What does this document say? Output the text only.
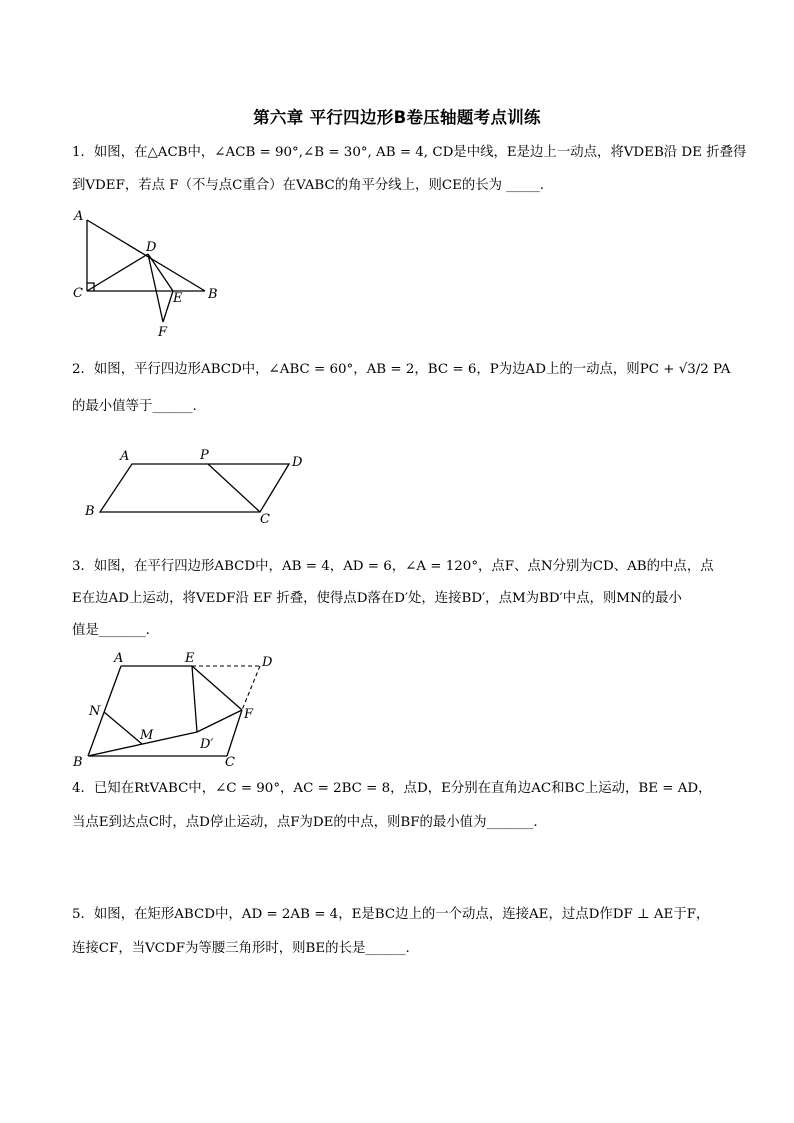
第六章 平行四边形B卷压轴题考点训练
1．如图，在△ACB中，∠ACB = 90°,∠B = 30°, AB = 4, CD是中线，E是边上一动点，将VDEB沿 DE 折叠得
到VDEF，若点 F（不与点C重合）在VABC的角平分线上，则CE的长为 _____.
A
D
C	E B
F
2．如图，平行四边形ABCD中，∠ABC = 60°，AB = 2，BC = 6，P为边AD上的一动点，则PC + √3/2 PA
的最小值等于______.
A	P	D
B
C
3．如图，在平行四边形ABCD中，AB = 4，AD = 6，∠A = 120°，点F、点N分别为CD、AB的中点，点
E在边AD上运动，将VEDF沿 EF 折叠，使得点D落在D′处，连接BD′，点M为BD′中点，则MN的最小
值是_______.
A	E	D
N	F
M
D′
B	C
4．已知在RtVABC中，∠C = 90°，AC = 2BC = 8，点D，E分别在直角边AC和BC上运动，BE = AD，
当点E到达点C时，点D停止运动，点F为DE的中点，则BF的最小值为_______.
5．如图，在矩形ABCD中，AD = 2AB = 4，E是BC边上的一个动点，连接AE，过点D作DF ⊥ AE于F，
连接CF，当VCDF为等腰三角形时，则BE的长是______.
